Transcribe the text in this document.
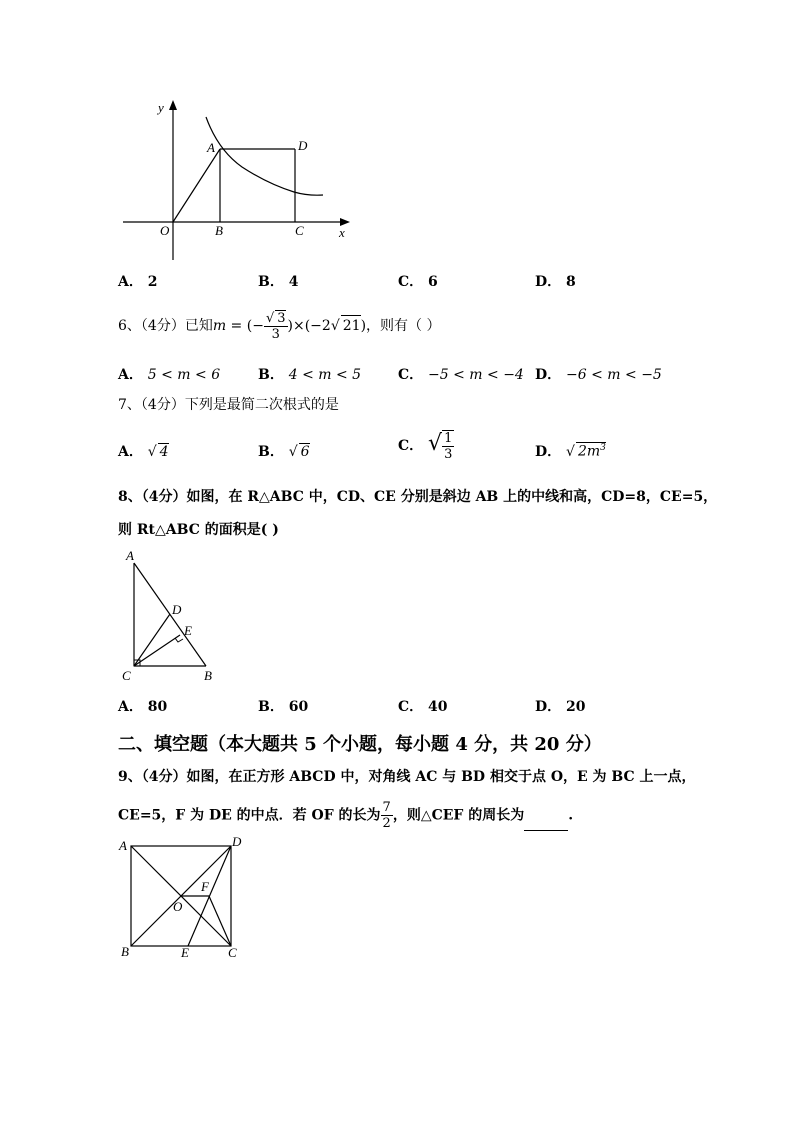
y
x
A	D
O	B	C
A． 2	B． 4	C． 6	D． 8
6、（4分）已知m = (− $\frac{√ 3}{3} )\times(-2√$ 21)，则有（ ）
A． 5 < m < 6	B． 4 < m < 5	C． −5 < m < −4 D． −6 < m < −5
7、（4分）下列是最简二次根式的是
A． √ 4	B． √ 6	C． √ $\frac{1}{3}$	D． √ $2m^3$
8、（4分）如图，在 R△ABC 中，CD、CE 分别是斜边 AB 上的中线和高，CD=8，CE=5，
则 Rt△ABC 的面积是( )
A
D
E
C	B
A． 80	B． 60	C． 40	D． 20
二、填空题（本大题共 5 个小题，每小题 4 分，共 20 分）
9、（4分）如图，在正方形 ABCD 中，对角线 AC 与 BD 相交于点 O，E 为 BC 上一点，
CE=5，F 为 DE 的中点．若 OF 的长为 $\frac{7}{2}$ ，则△CEF 的周长为	.
A	D
F
O
B	E	C
